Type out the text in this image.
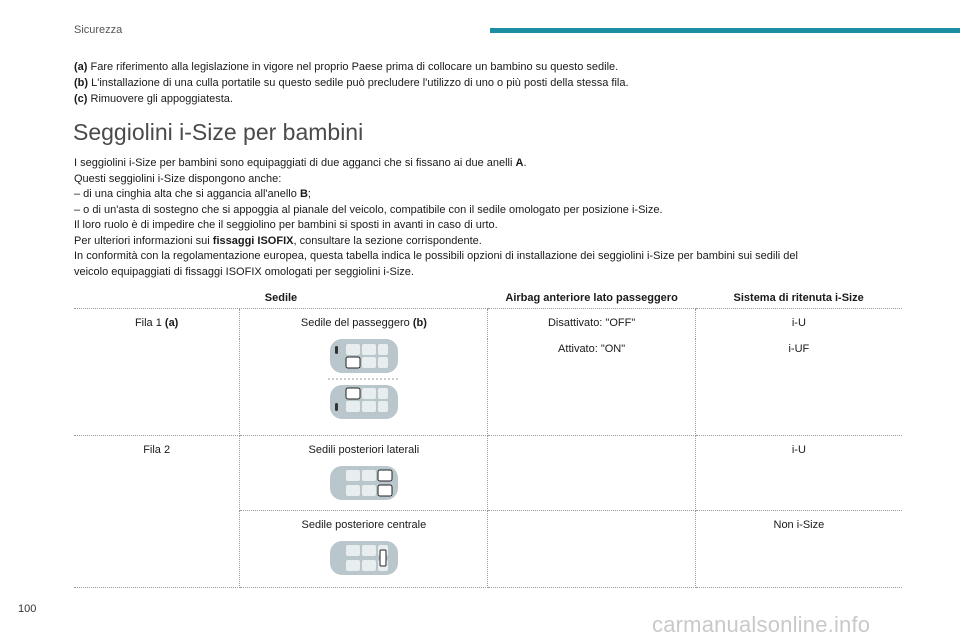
Sicurezza
(a) Fare riferimento alla legislazione in vigore nel proprio Paese prima di collocare un bambino su questo sedile.
(b) L'installazione di una culla portatile su questo sedile può precludere l'utilizzo di uno o più posti della stessa fila.
(c) Rimuovere gli appoggiatesta.
Seggiolini i-Size per bambini

I seggiolini i-Size per bambini sono equipaggiati di due agganci che si fissano ai due anelli A.

Questi seggiolini i-Size dispongono anche:

– di una cinghia alta che si aggancia all'anello B;

– o di un'asta di sostegno che si appoggia al pianale del veicolo, compatibile con il sedile omologato per posizione i-Size.

Il loro ruolo è di impedire che il seggiolino per bambini si sposti in avanti in caso di urto.

Per ulteriori informazioni sui fissaggi ISOFIX, consultare la sezione corrispondente.

In conformità con la regolamentazione europea, questa tabella indica le possibili opzioni di installazione dei seggiolini i-Size per bambini sui sedili del

veicolo equipaggiati di fissaggi ISOFIX omologati per seggiolini i-Size.

Sedile		Airbag anteriore lato passeggero	Sistema di ritenuta i-Size

Fila 1 (a)	Sedile del passeggero (b)	Disattivato: "OFF"	i-U

		Attivato: "ON"	i-UF

Fila 2	Sedili posteriori laterali		i-U

	Sedile posteriore centrale		Non i-Size
100
carmanualsonline.info
